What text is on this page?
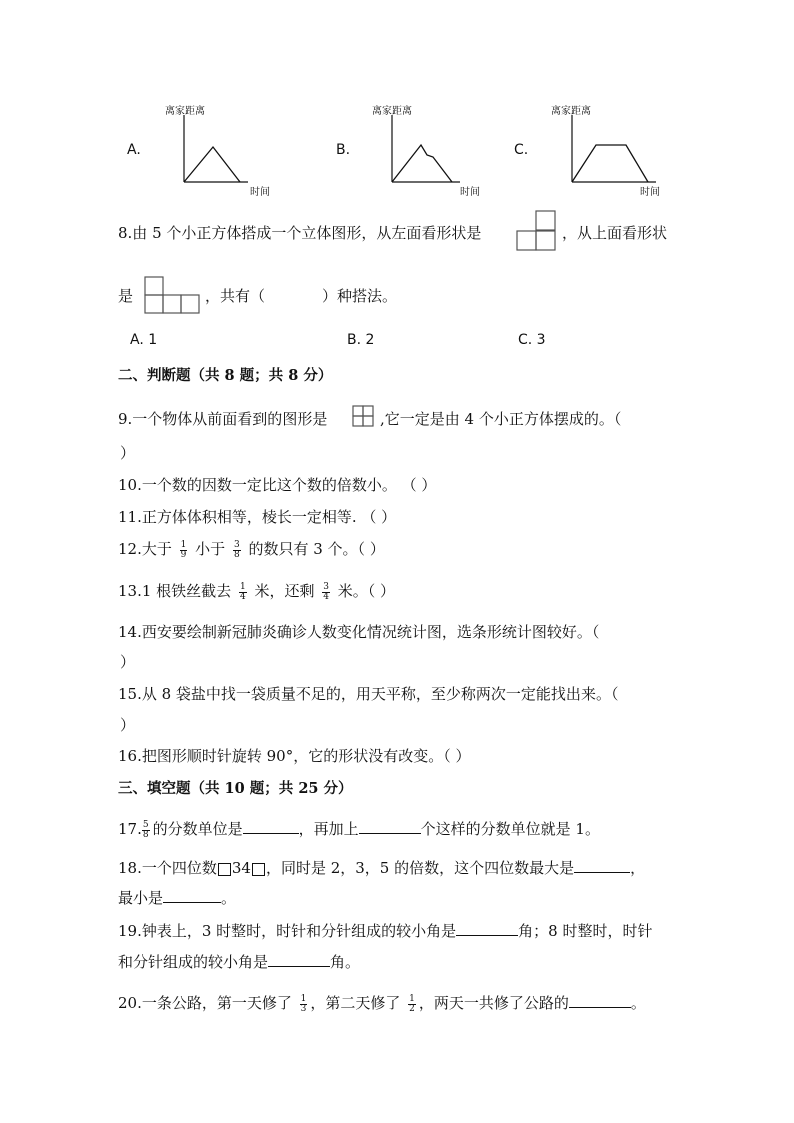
A.
离家距离
时间
B.
离家距离
时间
C.
离家距离
时间
8.由 5 个小正方体搭成一个立体图形，从左面看形状是	，从上面看形状
是	，共有（	）种搭法。
A. 1	B. 2	C. 3
二、判断题（共 8 题；共 8 分）
9.一个物体从前面看到的图形是	,它一定是由 4 个小正方体摆成的。（
）
10.一个数的因数一定比这个数的倍数小。 （ ）
11.正方体体积相等，棱长一定相等. （ ）
12.大于 $\frac{1}{9}$ 小于 $\frac{3}{8}$ 的数只有 3 个。（ ）
13.1 根铁丝截去 $\frac{1}{4}$ 米，还剩 $\frac{3}{4}$ 米。（ ）
14.西安要绘制新冠肺炎确诊人数变化情况统计图，选条形统计图较好。（
）
15.从 8 袋盐中找一袋质量不足的，用天平称，至少称两次一定能找出来。（
）
16.把图形顺时针旋转 90°，它的形状没有改变。（ ）
三、填空题（共 10 题；共 25 分）
17. $\frac{5}{8}$ 的分数单位是	，再加上	个这样的分数单位就是 1。
18.一个四位数 34 ，同时是 2，3，5 的倍数，这个四位数最大是	，
最小是	。
19.钟表上，3 时整时，时针和分针组成的较小角是	角；8 时整时，时针
和分针组成的较小角是	角。
20.一条公路，第一天修了 $\frac{1}{3}$ ，第二天修了 $\frac{1}{2}$ ，两天一共修了公路的	。
